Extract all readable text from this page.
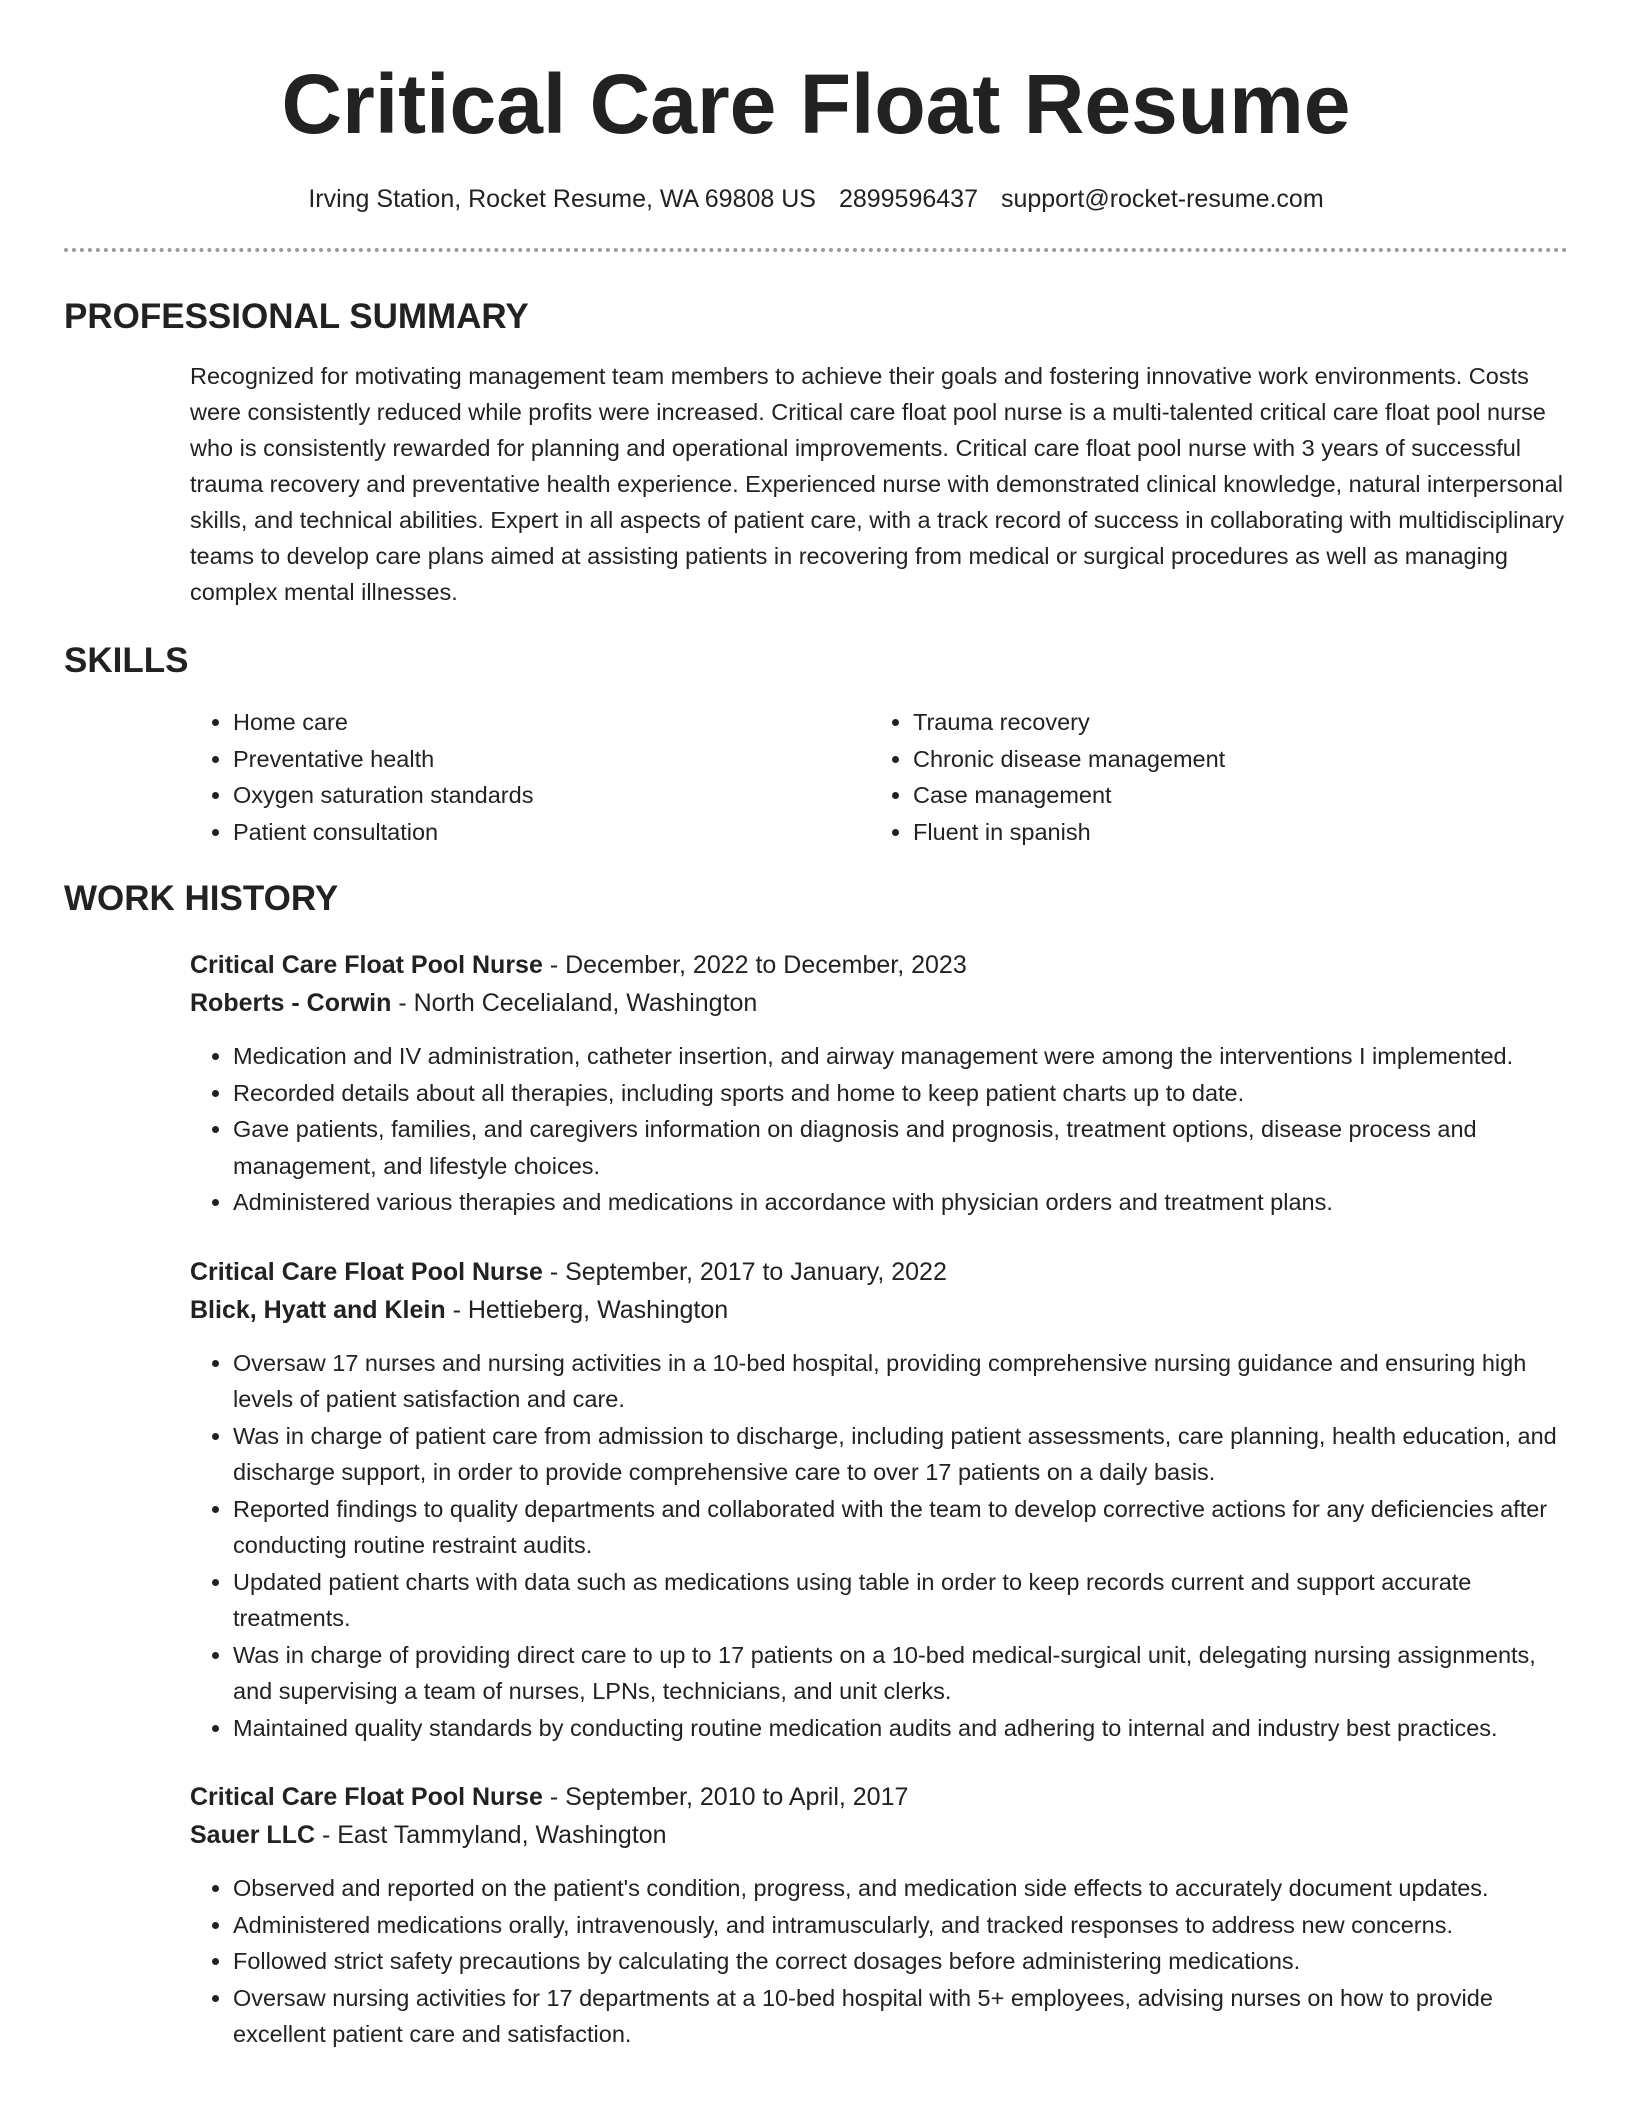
Critical Care Float Resume
Irving Station, Rocket Resume, WA 69808 US 2899596437 support@rocket-resume.com
PROFESSIONAL SUMMARY

Recognized for motivating management team members to achieve their goals and fostering innovative work environments. Costs were consistently reduced while profits were increased. Critical care float pool nurse is a multi-talented critical care float pool nurse who is consistently rewarded for planning and operational improvements. Critical care float pool nurse with 3 years of successful trauma recovery and preventative health experience. Experienced nurse with demonstrated clinical knowledge, natural interpersonal skills, and technical abilities. Expert in all aspects of patient care, with a track record of success in collaborating with multidisciplinary teams to develop care plans aimed at assisting patients in recovering from medical or surgical procedures as well as managing complex mental illnesses.

SKILLS
• Home care
• Preventative health
• Oxygen saturation standards
• Patient consultation
• Trauma recovery
• Chronic disease management
• Case management
• Fluent in spanish
WORK HISTORY
Critical Care Float Pool Nurse - December, 2022 to December, 2023
Roberts - Corwin - North Cecelialand, Washington
• Medication and IV administration, catheter insertion, and airway management were among the interventions I implemented.
• Recorded details about all therapies, including sports and home to keep patient charts up to date.
• Gave patients, families, and caregivers information on diagnosis and prognosis, treatment options, disease process and management, and lifestyle choices.
• Administered various therapies and medications in accordance with physician orders and treatment plans.
Critical Care Float Pool Nurse - September, 2017 to January, 2022
Blick, Hyatt and Klein - Hettieberg, Washington
• Oversaw 17 nurses and nursing activities in a 10-bed hospital, providing comprehensive nursing guidance and ensuring high levels of patient satisfaction and care.
• Was in charge of patient care from admission to discharge, including patient assessments, care planning, health education, and discharge support, in order to provide comprehensive care to over 17 patients on a daily basis.
• Reported findings to quality departments and collaborated with the team to develop corrective actions for any deficiencies after conducting routine restraint audits.
• Updated patient charts with data such as medications using table in order to keep records current and support accurate treatments.
• Was in charge of providing direct care to up to 17 patients on a 10-bed medical-surgical unit, delegating nursing assignments, and supervising a team of nurses, LPNs, technicians, and unit clerks.
• Maintained quality standards by conducting routine medication audits and adhering to internal and industry best practices.
Critical Care Float Pool Nurse - September, 2010 to April, 2017
Sauer LLC - East Tammyland, Washington
• Observed and reported on the patient's condition, progress, and medication side effects to accurately document updates.
• Administered medications orally, intravenously, and intramuscularly, and tracked responses to address new concerns.
• Followed strict safety precautions by calculating the correct dosages before administering medications.
• Oversaw nursing activities for 17 departments at a 10-bed hospital with 5+ employees, advising nurses on how to provide excellent patient care and satisfaction.
